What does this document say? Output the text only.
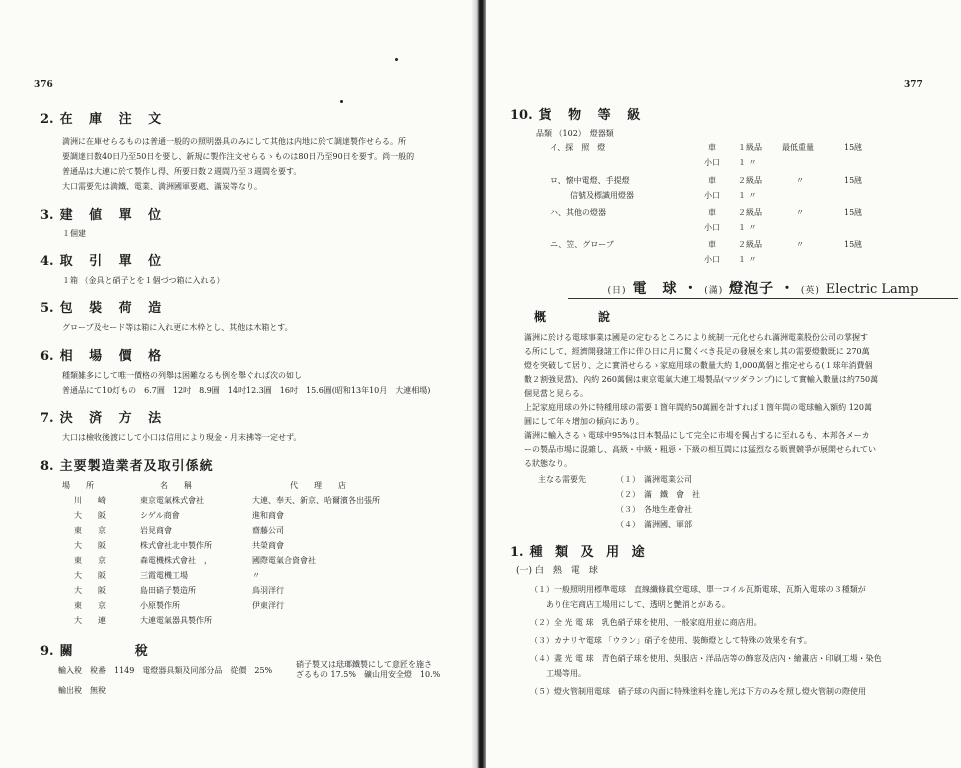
376
2. 在 庫 注 文
満洲に在庫せらるものは普通一般的の照明器具のみにして其他は内地に於て調達製作せらる。所
要調達日数40日乃至50日を要し、新規に製作注文せらるゝものは80日乃至90日を要す。尚一般的
普通品は大連に於て製作し得、所要日数２週間乃至３週間を要す。
大口需要先は満鐵、電業、満洲國軍要處、滿炭等なり。
3. 建 値 單 位
１個建
4. 取 引 單 位
１箱 （金具と硝子とを１個づつ箱に入れる）
5. 包 裝 荷 造
グローブ及セード等は箱に入れ更に木枠とし、其他は木箱とす。
6. 相 場 價 格
種類雑多にして唯一價格の列舉は困難なるも例を舉ぐれば次の如し
普通品にて10灯もの　6.7圓　12吋　8.9圓　14吋12.3圓　16吋　15.6圓(昭和13年10月　大連相場)
7. 決 済 方 法
大口は檢收後渡にして小口は信用により現金・月末拂等一定せず。
8. 主要製造業者及取引係統
場　　所	名　　稱	代　　理　　店
川　　崎	東京電氣株式會社	大連、奉天、新京、哈爾濱各出張所
大　　阪	シゲル商會	進和商會
東　　京	岩見商會	齋藤公司
大　　阪	株式會社北中製作所	共榮商會
東　　京	森電機株式會社　，	國際電氣合資會社
大　　阪	三霞電機工場	〃
大　　阪	島田硝子製造所	鳥羽洋行
東　　京	小原製作所	伊東洋行
大　　連	大連電氣器具製作所
9. 關　　　　稅
輸入稅　稅番　1149　電燈器具類及同部分品　從價　25%
硝子製又は琺瑯鐵製にして意匠を施さ
ざるもの 17.5%　礦山用安全燈　10.%
輸出稅　無稅
377
10. 貨 物 等 級
品類 （102）　燈器類
イ、探　照　燈	車	１級品	最低重量	15瓲
小口 １ 〃
ロ、懐中電燈、手提燈	車	２級品	〃	15瓲
信號及標識用燈器	小口 １ 〃
ハ、其他の燈器	車	２級品	〃	15瓲
小口 １ 〃
ニ、笠、グローブ	車	２級品	〃	15瓲
小口 １ 〃
(日) 電　球 ・ (滿) 燈泡子 ・ (英) Electric Lamp
概　　　說
滿洲に於ける電球事業は國是の定むるところにより統制一元化せられ滿洲電業股份公司の掌握す
る所にして、經濟開發諸工作に伴ひ日に月に驚くべき長足の發展を來し其の需要燈數既に 270萬
燈を突破して居り、之に實消せらるゝ家庭用球の數量大約 1,000萬個と推定せらる(１球年消費個
數２割強見當)、內約 260萬個は東京電氣大連工場製品(マツダランプ)にして實輸入數量は約750萬
個見當と見らる。
上記家庭用球の外に特種用球の需要１箇年間約50萬圓を計すれば１箇年間の電球輸入額約 120萬
圓にして年々增加の傾向にあり。
滿洲に輸入さるゝ電球中95%は日本製品にして完全に市場を獨占するに至れるも、本邦各メーカ
ーの製品市場に混雜し、高級・中級・粗惡・下級の相互間には猛烈なる販賣競爭が展開せられてい
る狀態なり。
主なる需要先	（１）　滿洲電業公司
（２）　滿　鐵　會　社
（３）　各地生產會社
（４）　滿洲國、軍部
1. 種 類 及 用 途
(一) 白　熱　電　球
（１）一般照明用標準電球　直線纖條眞空電球、單一コイル瓦斯電球、瓦斯入電球の３種類が
あり住宅商店工場用にして、透明と艶消とがある。
（２）全 光 電 球　乳色硝子球を使用、一般家庭用並に商店用。
（３）カナリヤ電球 「ウラン」硝子を使用、裝飾燈として特殊の效果を有す。
（４）晝 光 電 球　青色硝子球を使用、吳服店・洋品店等の飾窓及店內・繪畫店・印刷工場・染色
工場等用。
（５）燈火管制用電球　硝子球の內面に特殊塗料を施し光は下方のみを照し燈火管制の際使用
